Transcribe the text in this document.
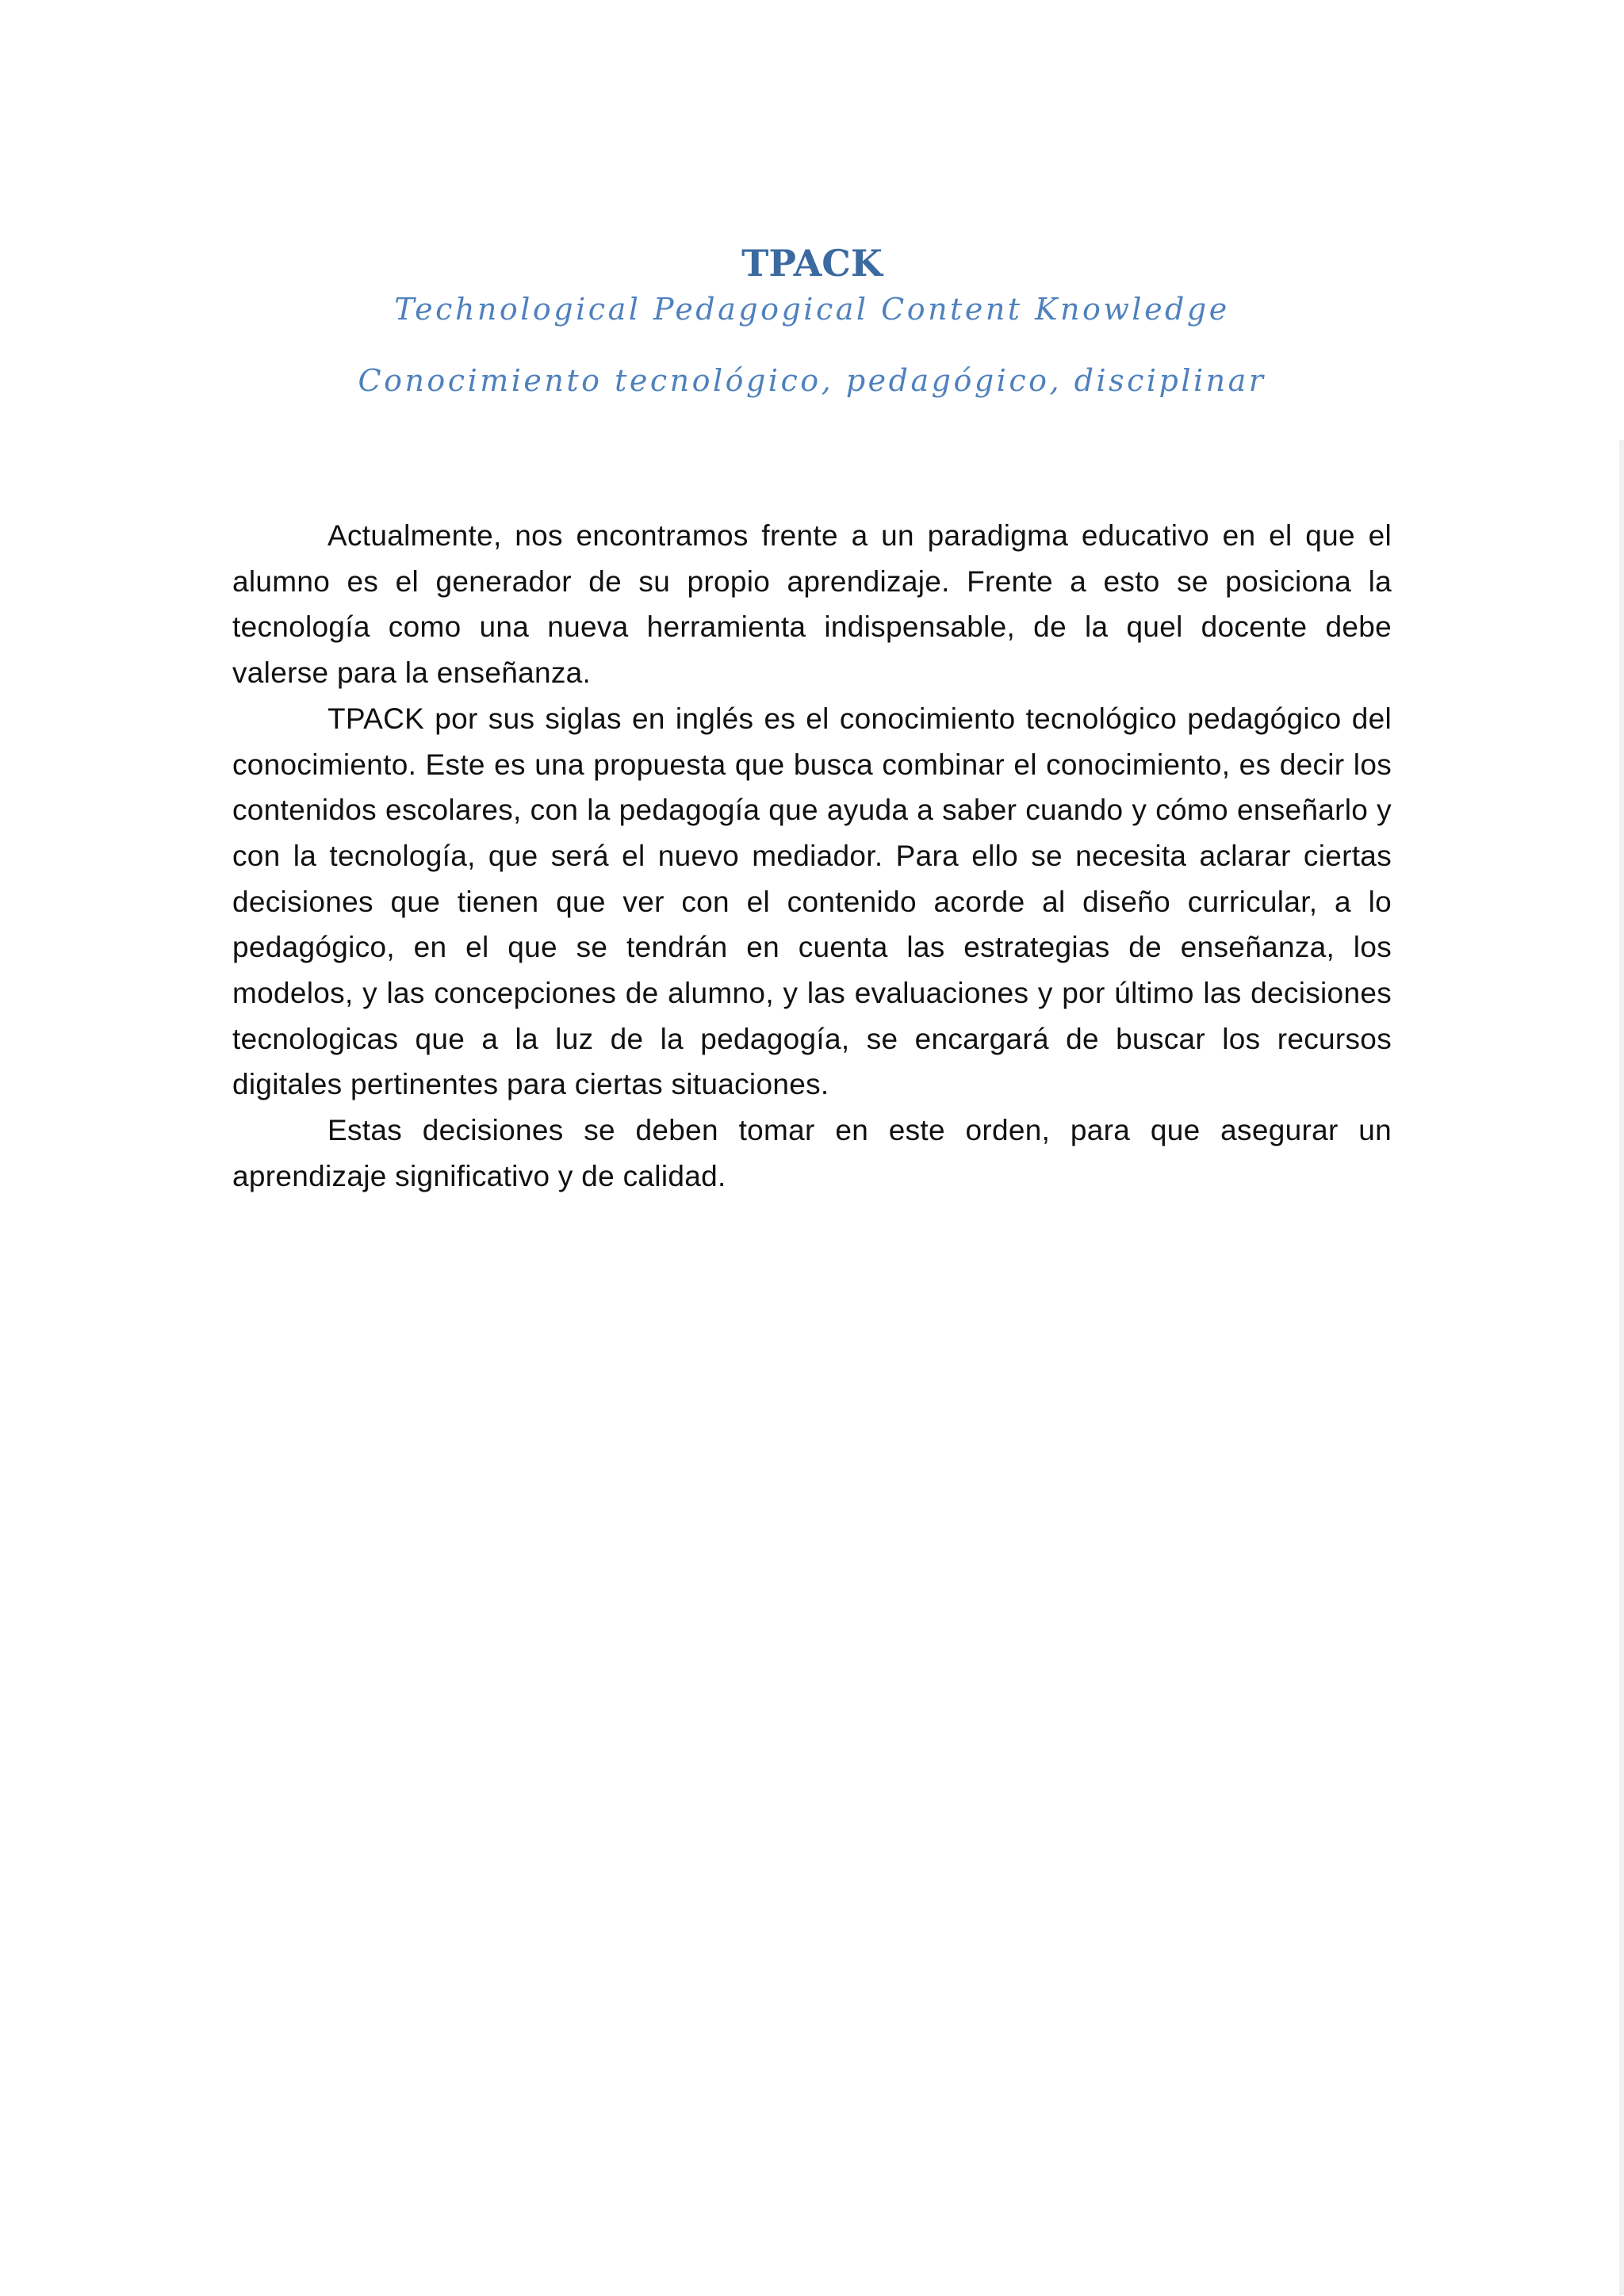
TPACK

Technological Pedagogical Content Knowledge

Conocimiento tecnológico, pedagógico, disciplinar

Actualmente, nos encontramos frente a un paradigma educativo en el que el alumno es el generador de su propio aprendizaje. Frente a esto se posiciona la tecnología como una nueva herramienta indispensable, de la quel docente debe valerse para la enseñanza.

TPACK por sus siglas en inglés es el conocimiento tecnológico pedagógico del conocimiento. Este es una propuesta que busca combinar el conocimiento, es decir los contenidos escolares, con la pedagogía que ayuda a saber cuando y cómo enseñarlo y con la tecnología, que será el nuevo mediador. Para ello se necesita aclarar ciertas decisiones que tienen que ver con el contenido acorde al diseño curricular, a lo pedagógico, en el que se tendrán en cuenta las estrategias de enseñanza, los modelos, y las concepciones de alumno, y las evaluaciones y por último las decisiones tecnologicas que a la luz de la pedagogía, se encargará de buscar los recursos digitales pertinentes para ciertas situaciones.

Estas decisiones se deben tomar en este orden, para que asegurar un aprendizaje significativo y de calidad.
